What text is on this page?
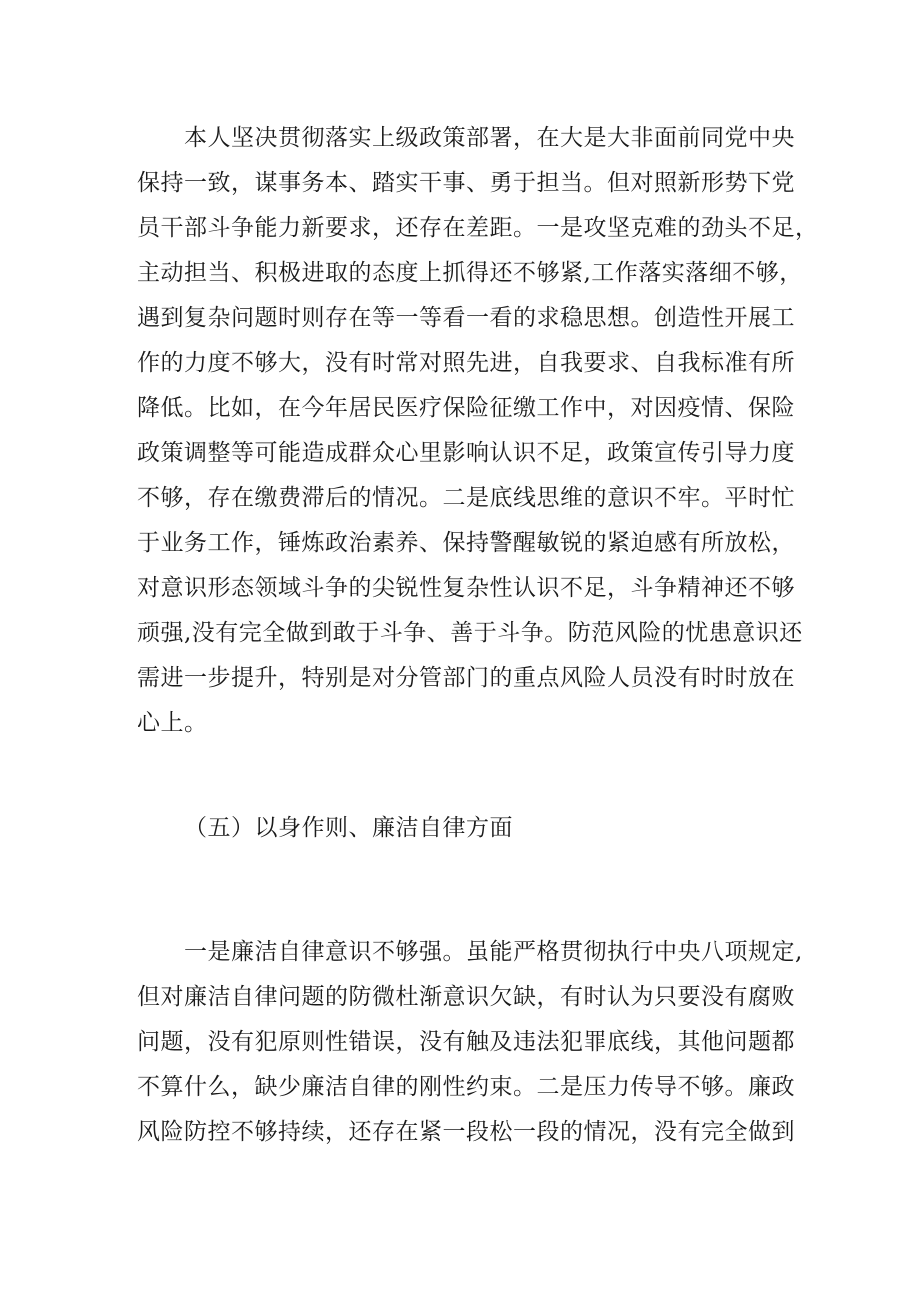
本人坚决贯彻落实上级政策部署，在大是大非面前同党中央
保持一致，谋事务本、踏实干事、勇于担当。但对照新形势下党
员干部斗争能力新要求，还存在差距。一是攻坚克难的劲头不足，
主动担当、积极进取的态度上抓得还不够紧,工作落实落细不够，
遇到复杂问题时则存在等一等看一看的求稳思想。创造性开展工
作的力度不够大，没有时常对照先进，自我要求、自我标准有所
降低。比如，在今年居民医疗保险征缴工作中，对因疫情、保险
政策调整等可能造成群众心里影响认识不足，政策宣传引导力度
不够，存在缴费滞后的情况。二是底线思维的意识不牢。平时忙
于业务工作，锤炼政治素养、保持警醒敏锐的紧迫感有所放松，
对意识形态领域斗争的尖锐性复杂性认识不足，斗争精神还不够
顽强,没有完全做到敢于斗争、善于斗争。防范风险的忧患意识还
需进一步提升，特别是对分管部门的重点风险人员没有时时放在
心上。
（五）以身作则、廉洁自律方面
一是廉洁自律意识不够强。虽能严格贯彻执行中央八项规定,
但对廉洁自律问题的防微杜渐意识欠缺，有时认为只要没有腐败
问题，没有犯原则性错误，没有触及违法犯罪底线，其他问题都
不算什么，缺少廉洁自律的刚性约束。二是压力传导不够。廉政
风险防控不够持续，还存在紧一段松一段的情况，没有完全做到
